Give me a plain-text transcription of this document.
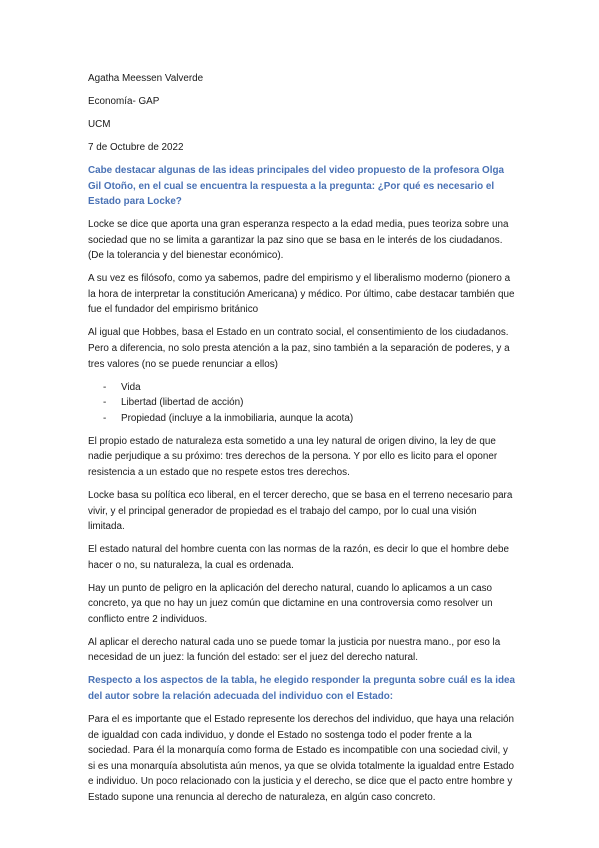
Agatha Meessen Valverde
Economía- GAP
UCM
7 de Octubre de 2022

Cabe destacar algunas de las ideas principales del video propuesto de la profesora Olga Gil Otoño, en el cual se encuentra la respuesta a la pregunta: ¿Por qué es necesario el Estado para Locke?

Locke se dice que aporta una gran esperanza respecto a la edad media, pues teoriza sobre una sociedad que no se limita a garantizar la paz sino que se basa en le interés de los ciudadanos. (De la tolerancia y del bienestar económico).

A su vez es filósofo, como ya sabemos, padre del empirismo y el liberalismo moderno (pionero a la hora de interpretar la constitución Americana) y médico. Por último, cabe destacar también que fue el fundador del empirismo británico

Al igual que Hobbes, basa el Estado en un contrato social, el consentimiento de los ciudadanos. Pero a diferencia, no solo presta atención a la paz, sino también a la separación de poderes, y a tres valores (no se puede renunciar a ellos)

- Vida
- Libertad (libertad de acción)
- Propiedad (incluye a la inmobiliaria, aunque la acota)

El propio estado de naturaleza esta sometido a una ley natural de origen divino, la ley de que nadie perjudique a su próximo: tres derechos de la persona. Y por ello es licito para el oponer resistencia a un estado que no respete estos tres derechos.

Locke basa su política eco liberal, en el tercer derecho, que se basa en el terreno necesario para vivir, y el principal generador de propiedad es el trabajo del campo, por lo cual una visión limitada.

El estado natural del hombre cuenta con las normas de la razón, es decir lo que el hombre debe hacer o no, su naturaleza, la cual es ordenada.

Hay un punto de peligro en la aplicación del derecho natural, cuando lo aplicamos a un caso concreto, ya que no hay un juez común que dictamine en una controversia como resolver un conflicto entre 2 individuos.

Al aplicar el derecho natural cada uno se puede tomar la justicia por nuestra mano., por eso la necesidad de un juez: la función del estado: ser el juez del derecho natural.

Respecto a los aspectos de la tabla, he elegido responder la pregunta sobre cuál es la idea del autor sobre la relación adecuada del individuo con el Estado:

Para el es importante que el Estado represente los derechos del individuo, que haya una relación de igualdad con cada individuo, y donde el Estado no sostenga todo el poder frente a la sociedad. Para él la monarquía como forma de Estado es incompatible con una sociedad civil, y si es una monarquía absolutista aún menos, ya que se olvida totalmente la igualdad entre Estado e individuo. Un poco relacionado con la justicia y el derecho, se dice que el pacto entre hombre y Estado supone una renuncia al derecho de naturaleza, en algún caso concreto.
